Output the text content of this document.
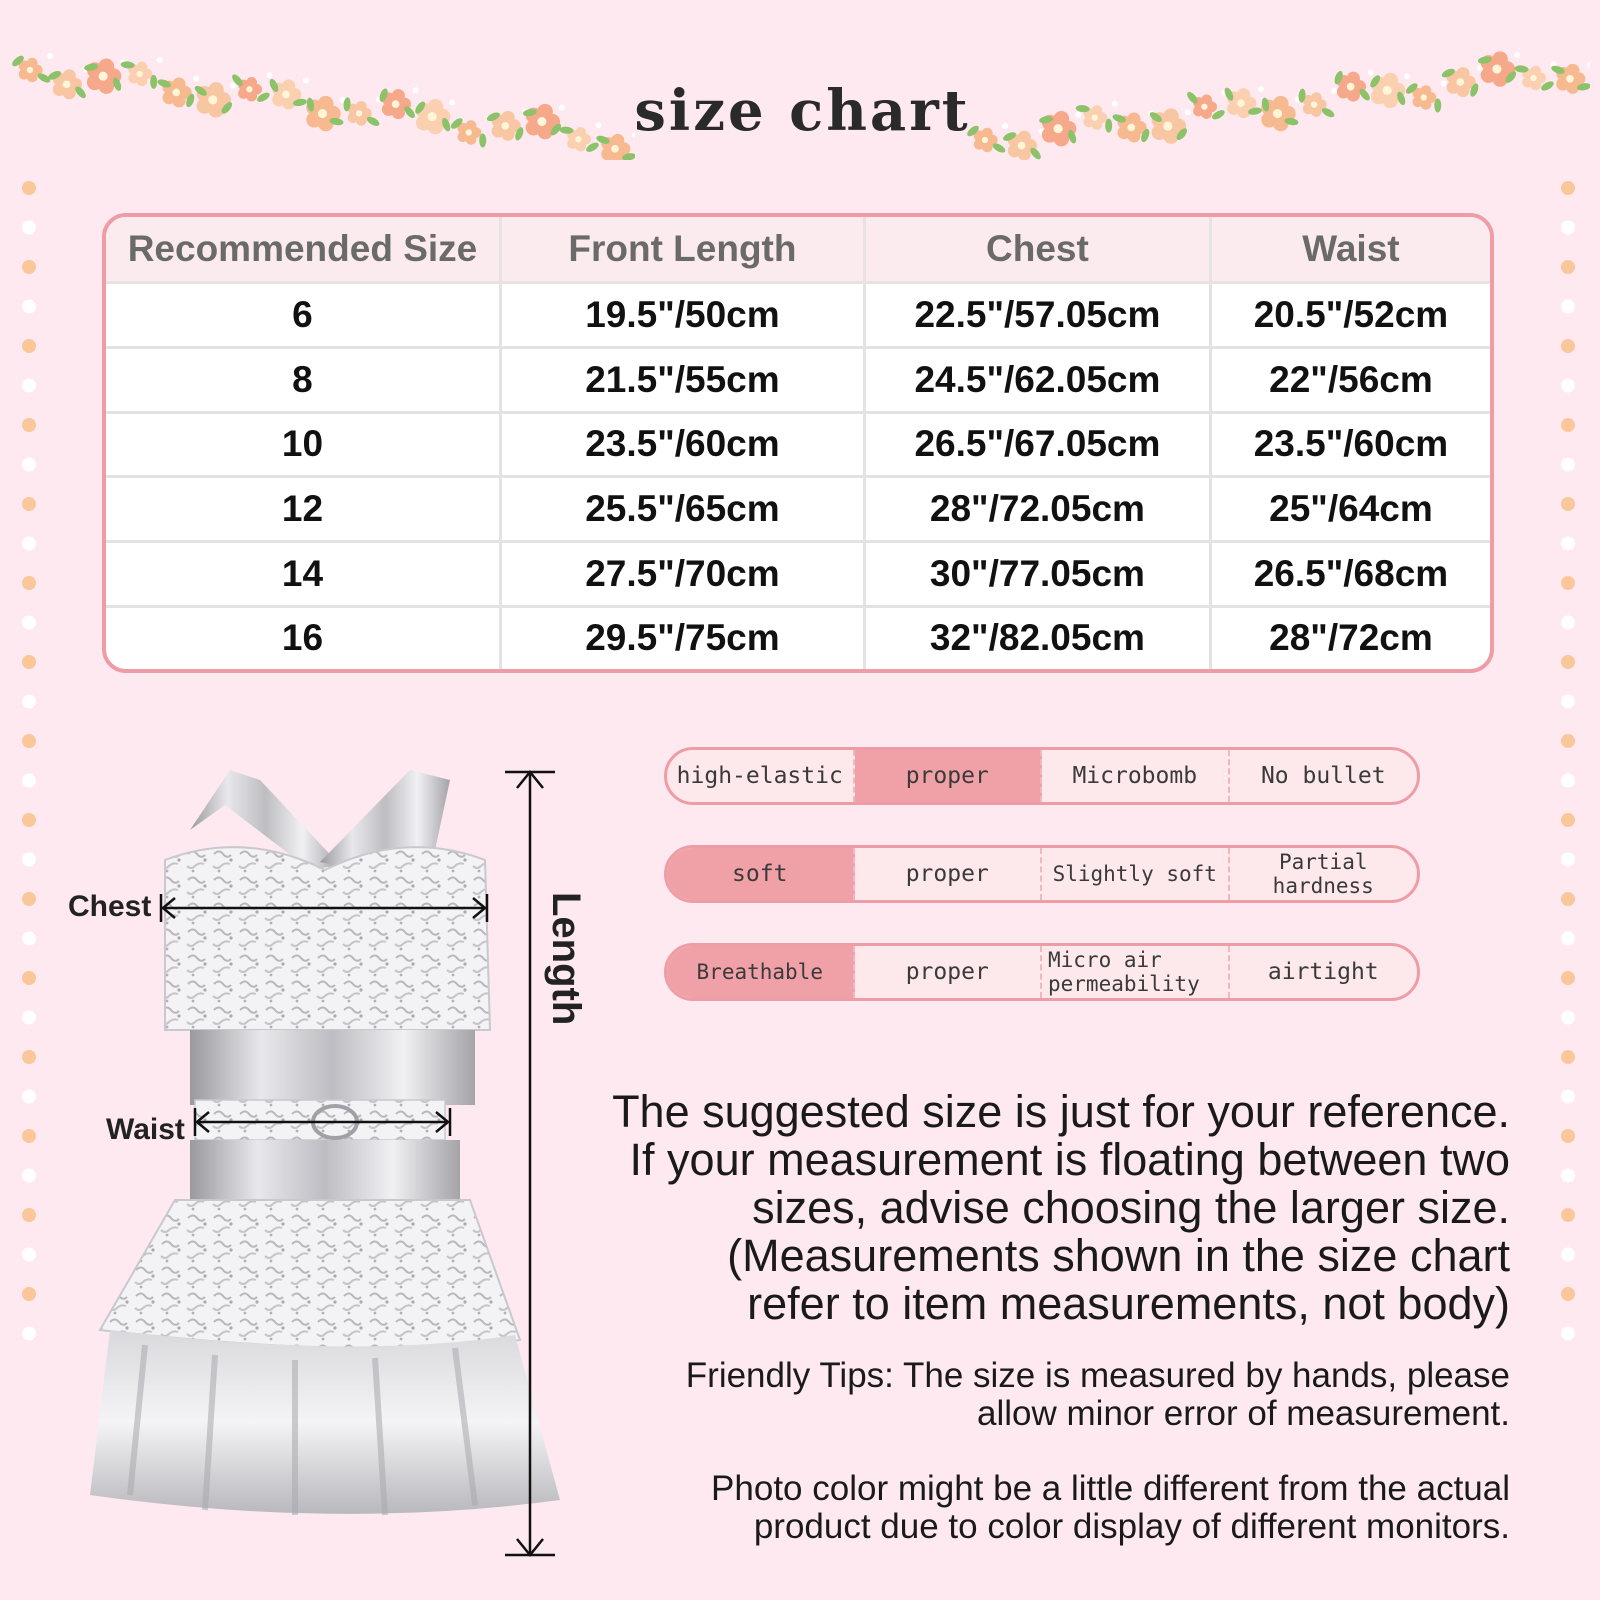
size chart
Recommended Size	Front Length	Chest	Waist
6	19.5"/50cm	22.5"/57.05cm	20.5"/52cm
8	21.5"/55cm	24.5"/62.05cm	22"/56cm
10	23.5"/60cm	26.5"/67.05cm	23.5"/60cm
12	25.5"/65cm	28"/72.05cm	25"/64cm
14	27.5"/70cm	30"/77.05cm	26.5"/68cm
16	29.5"/75cm	32"/82.05cm	28"/72cm
Chest
Waist
Length
high-elastic	proper	Microbomb	No bullet
soft	proper	Slightly soft	Partial hardness
Breathable	proper	Micro air permeability	airtight
The suggested size is just for your reference.
If your measurement is floating between two
sizes, advise choosing the larger size.
(Measurements shown in the size chart
refer to item measurements, not body)
Friendly Tips: The size is measured by hands, please
allow minor error of measurement.
Photo color might be a little different from the actual
product due to color display of different monitors.
